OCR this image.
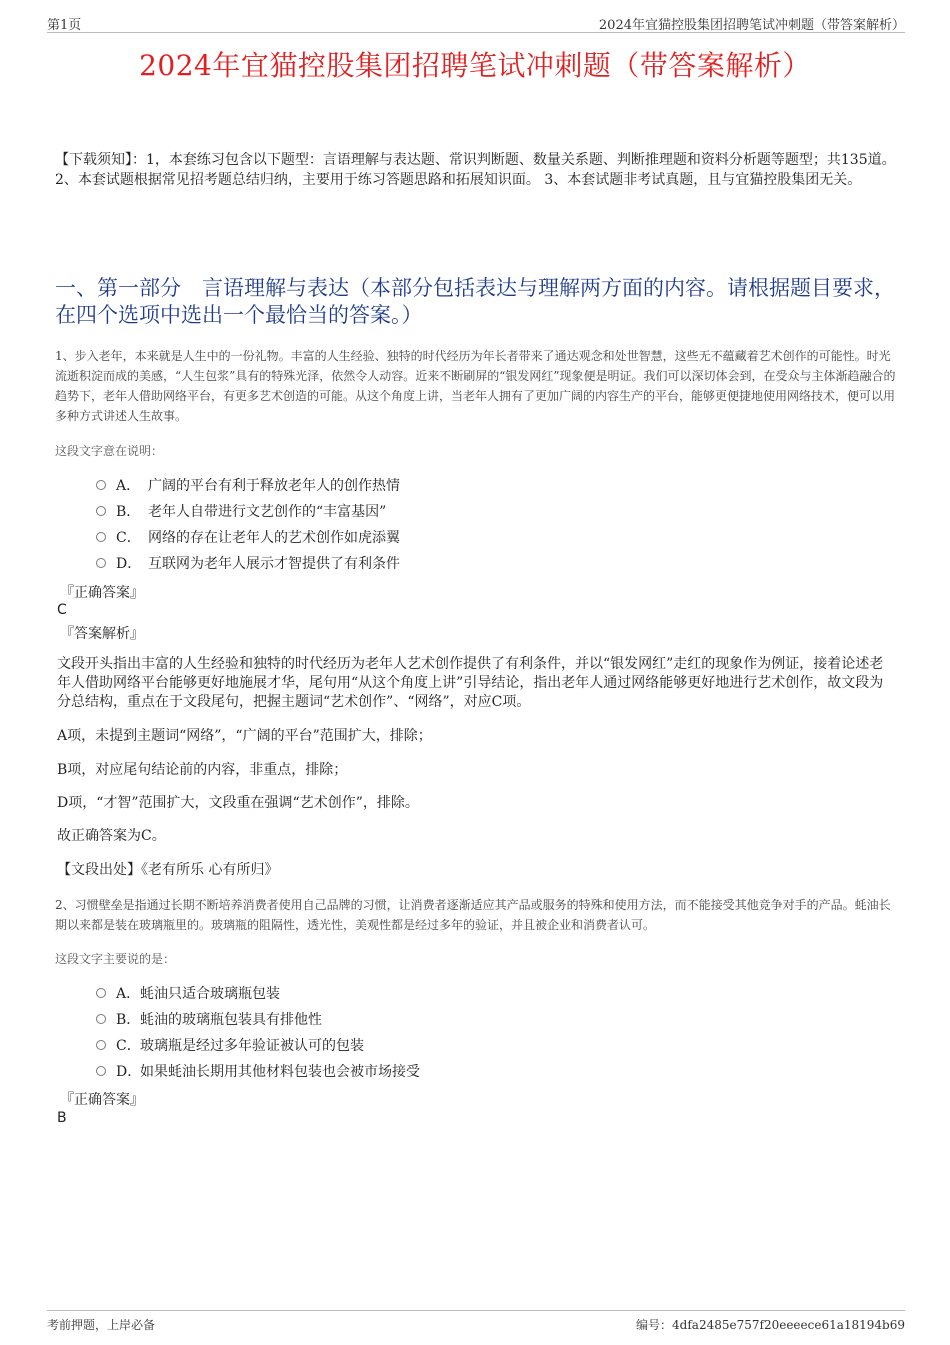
第1页	2024年宜猫控股集团招聘笔试冲刺题（带答案解析）
2024年宜猫控股集团招聘笔试冲刺题（带答案解析）
【下载须知】：1，本套练习包含以下题型：言语理解与表达题、常识判断题、数量关系题、判断推理题和资料分析题等题型；共135道。 2、本套试题根据常见招考题总结归纳，主要用于练习答题思路和拓展知识面。 3、本套试题非考试真题，且与宜猫控股集团无关。
一、第一部分　言语理解与表达（本部分包括表达与理解两方面的内容。请根据题目要求，在四个选项中选出一个最恰当的答案。）
1、步入老年，本来就是人生中的一份礼物。丰富的人生经验、独特的时代经历为年长者带来了通达观念和处世智慧，这些无不蕴藏着艺术创作的可能性。时光流逝积淀而成的美感，“人生包浆”具有的特殊光泽，依然令人动容。近来不断刷屏的“银发网红”现象便是明证。我们可以深切体会到，在受众与主体渐趋融合的趋势下，老年人借助网络平台，有更多艺术创造的可能。从这个角度上讲，当老年人拥有了更加广阔的内容生产的平台，能够更便捷地使用网络技术，便可以用多种方式讲述人生故事。
这段文字意在说明：
A． 广阔的平台有利于释放老年人的创作热情
B． 老年人自带进行文艺创作的“丰富基因”
C． 网络的存在让老年人的艺术创作如虎添翼
D． 互联网为老年人展示才智提供了有利条件
『正确答案』
C
『答案解析』
文段开头指出丰富的人生经验和独特的时代经历为老年人艺术创作提供了有利条件，并以“银发网红”走红的现象作为例证，接着论述老年人借助网络平台能够更好地施展才华，尾句用“从这个角度上讲”引导结论，指出老年人通过网络能够更好地进行艺术创作，故文段为分总结构，重点在于文段尾句，把握主题词“艺术创作”、“网络”，对应C项。
A项，未提到主题词“网络”，“广阔的平台”范围扩大，排除；
B项，对应尾句结论前的内容，非重点，排除；
D项，“才智”范围扩大，文段重在强调“艺术创作”，排除。
故正确答案为C。
【文段出处】《老有所乐 心有所归》
2、习惯壁垒是指通过长期不断培养消费者使用自己品牌的习惯，让消费者逐渐适应其产品或服务的特殊和使用方法，而不能接受其他竞争对手的产品。蚝油长期以来都是装在玻璃瓶里的。玻璃瓶的阻隔性，透光性，美观性都是经过多年的验证，并且被企业和消费者认可。
这段文字主要说的是：
A．蚝油只适合玻璃瓶包装
B．蚝油的玻璃瓶包装具有排他性
C．玻璃瓶是经过多年验证被认可的包装
D．如果蚝油长期用其他材料包装也会被市场接受
『正确答案』
B
考前押题，上岸必备	编号：4dfa2485e757f20eeeece61a18194b69
